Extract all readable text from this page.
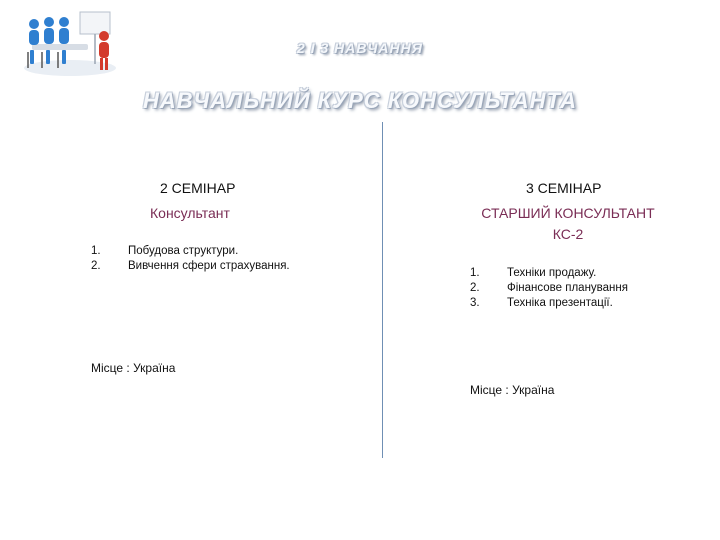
2 І 3 НАВЧАННЯ
НАВЧАЛЬНИЙ КУРС КОНСУЛЬТАНТА
2 СЕМІНАР
Консультант
1. Побудова структури.
2. Вивчення сфери страхування.
Місце : Україна
3 СЕМІНАР
СТАРШИЙ КОНСУЛЬТАНТ
КС-2
1. Техніки продажу.
2. Фінансове планування
3. Техніка презентації.
Місце : Україна
